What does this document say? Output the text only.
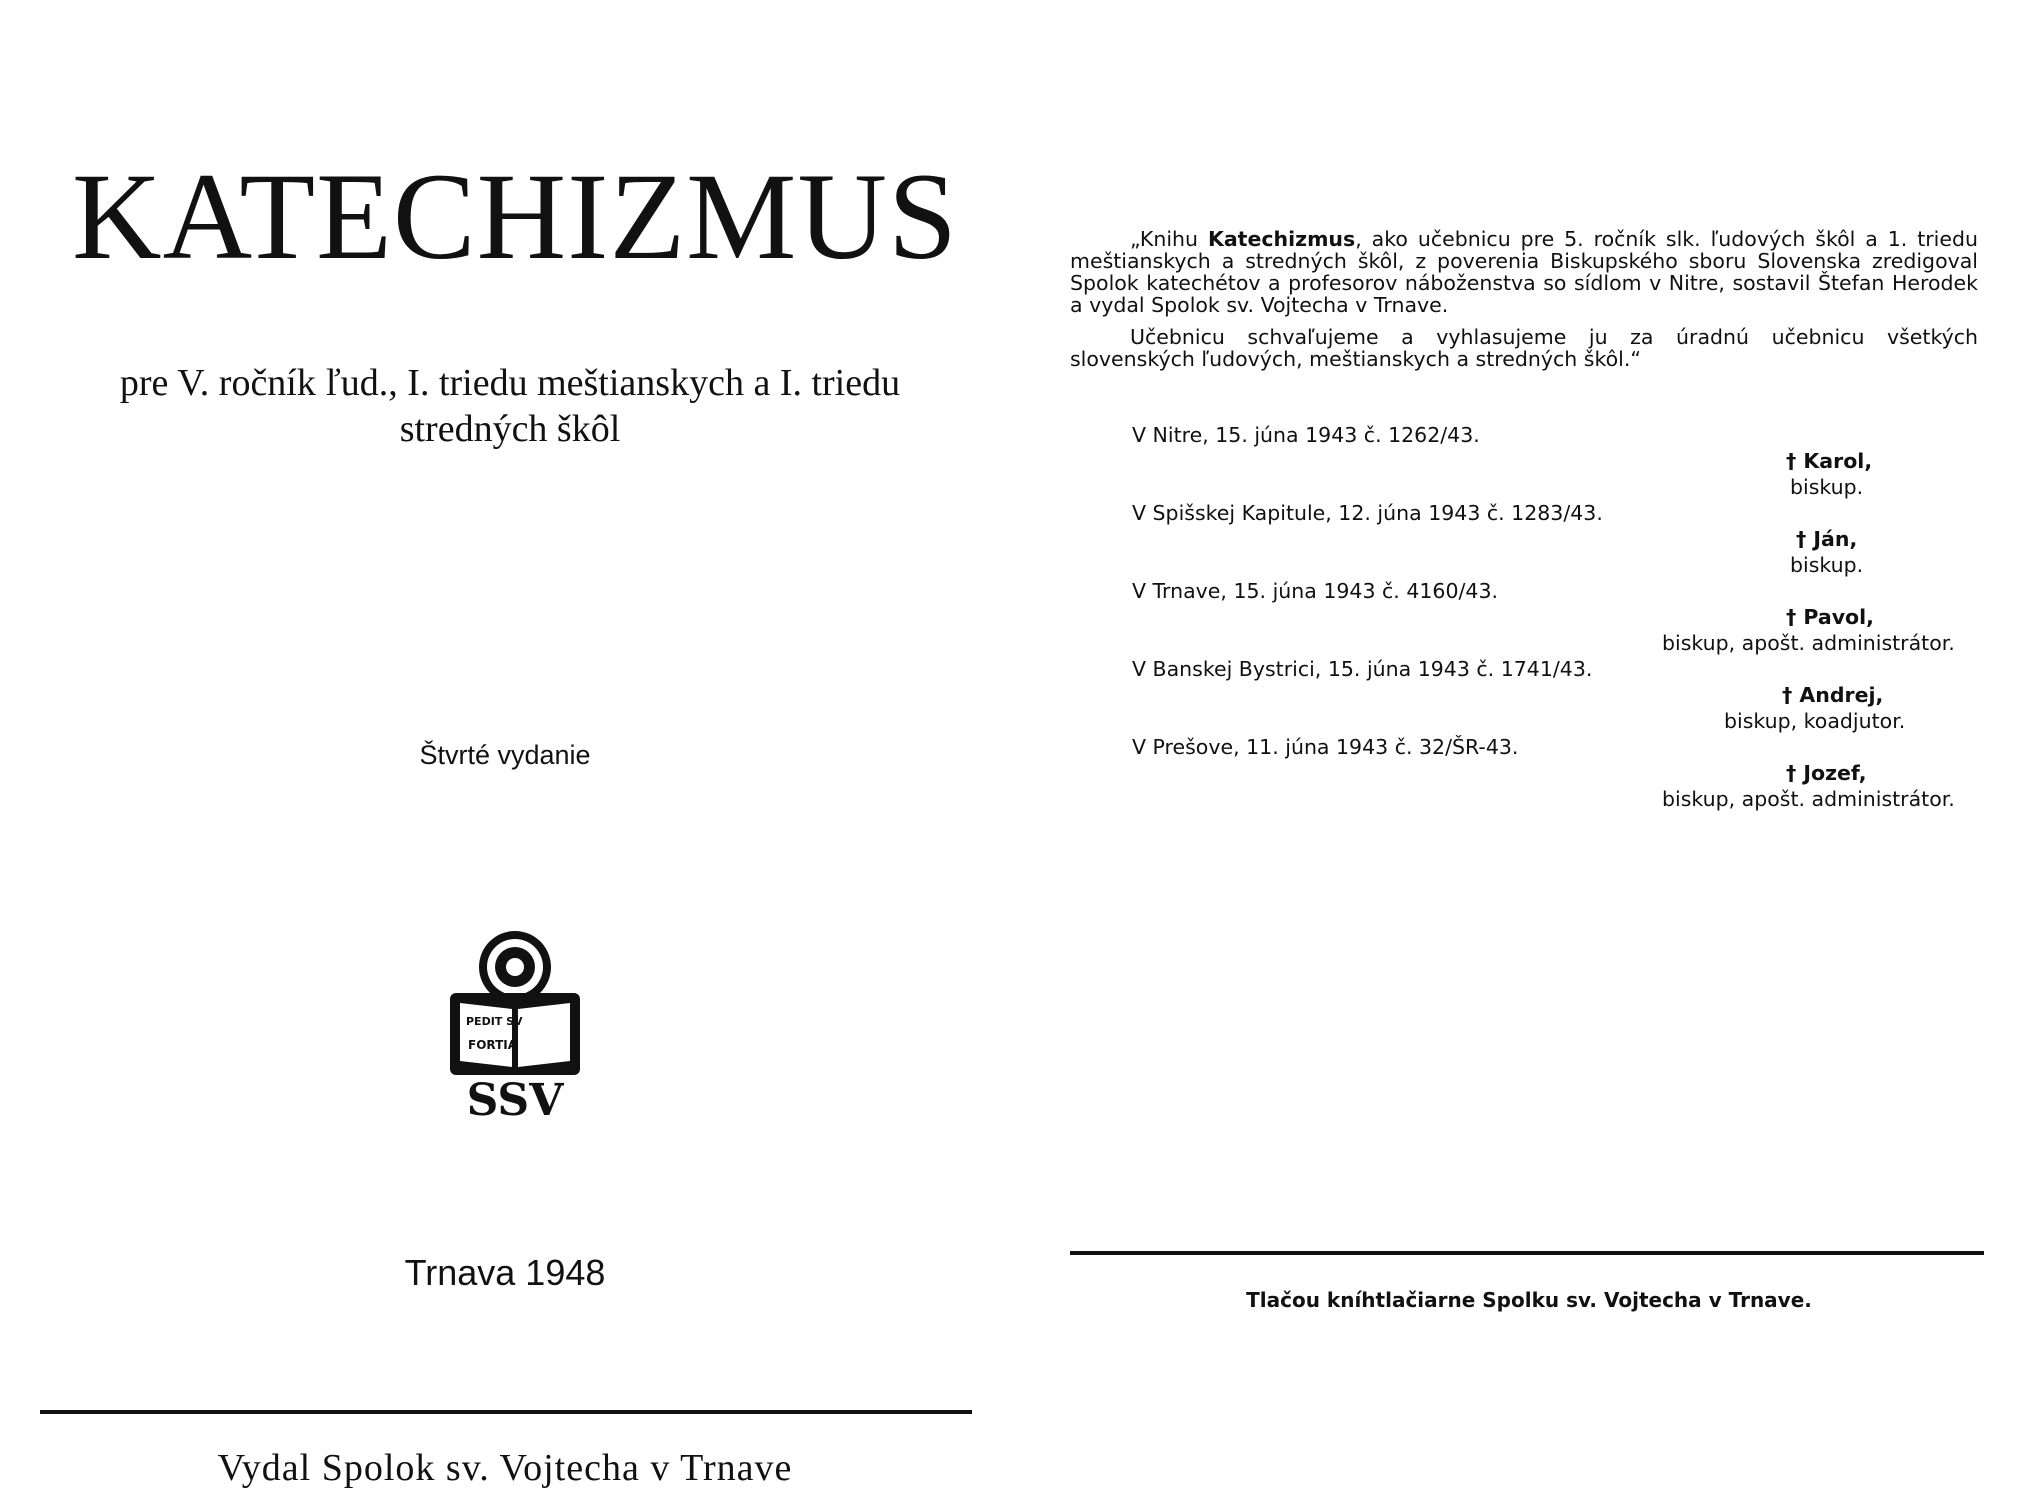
KATECHIZMUS
pre V. ročník ľud., I. triedu meštianskych a I. triedu
stredných škôl
Štvrté vydanie
PEDIT SV
FORTIA
SSV
Trnava 1948
Vydal Spolok sv. Vojtecha v Trnave

„Knihu Katechizmus, ako učebnicu pre 5. ročník slk. ľudových škôl a 1. triedu meštianskych a stredných škôl, z poverenia Biskupského sboru Slovenska zredigoval Spolok katechétov a profesorov náboženstva so sídlom v Nitre, sostavil Štefan Herodek a vydal Spolok sv. Vojtecha v Trnave.

Učebnicu schvaľujeme a vyhlasujeme ju za úradnú učebnicu všetkých slovenských ľudových, meštianskych a stredných škôl.“

V Nitre, 15. júna 1943 č. 1262/43.
† Karol,
biskup.
V Spišskej Kapitule, 12. júna 1943 č. 1283/43.
† Ján,
biskup.
V Trnave, 15. júna 1943 č. 4160/43.
† Pavol,
biskup, apošt. administrátor.
V Banskej Bystrici, 15. júna 1943 č. 1741/43.
† Andrej,
biskup, koadjutor.
V Prešove, 11. júna 1943 č. 32/ŠR-43.
† Jozef,
biskup, apošt. administrátor.
Tlačou kníhtlačiarne Spolku sv. Vojtecha v Trnave.
